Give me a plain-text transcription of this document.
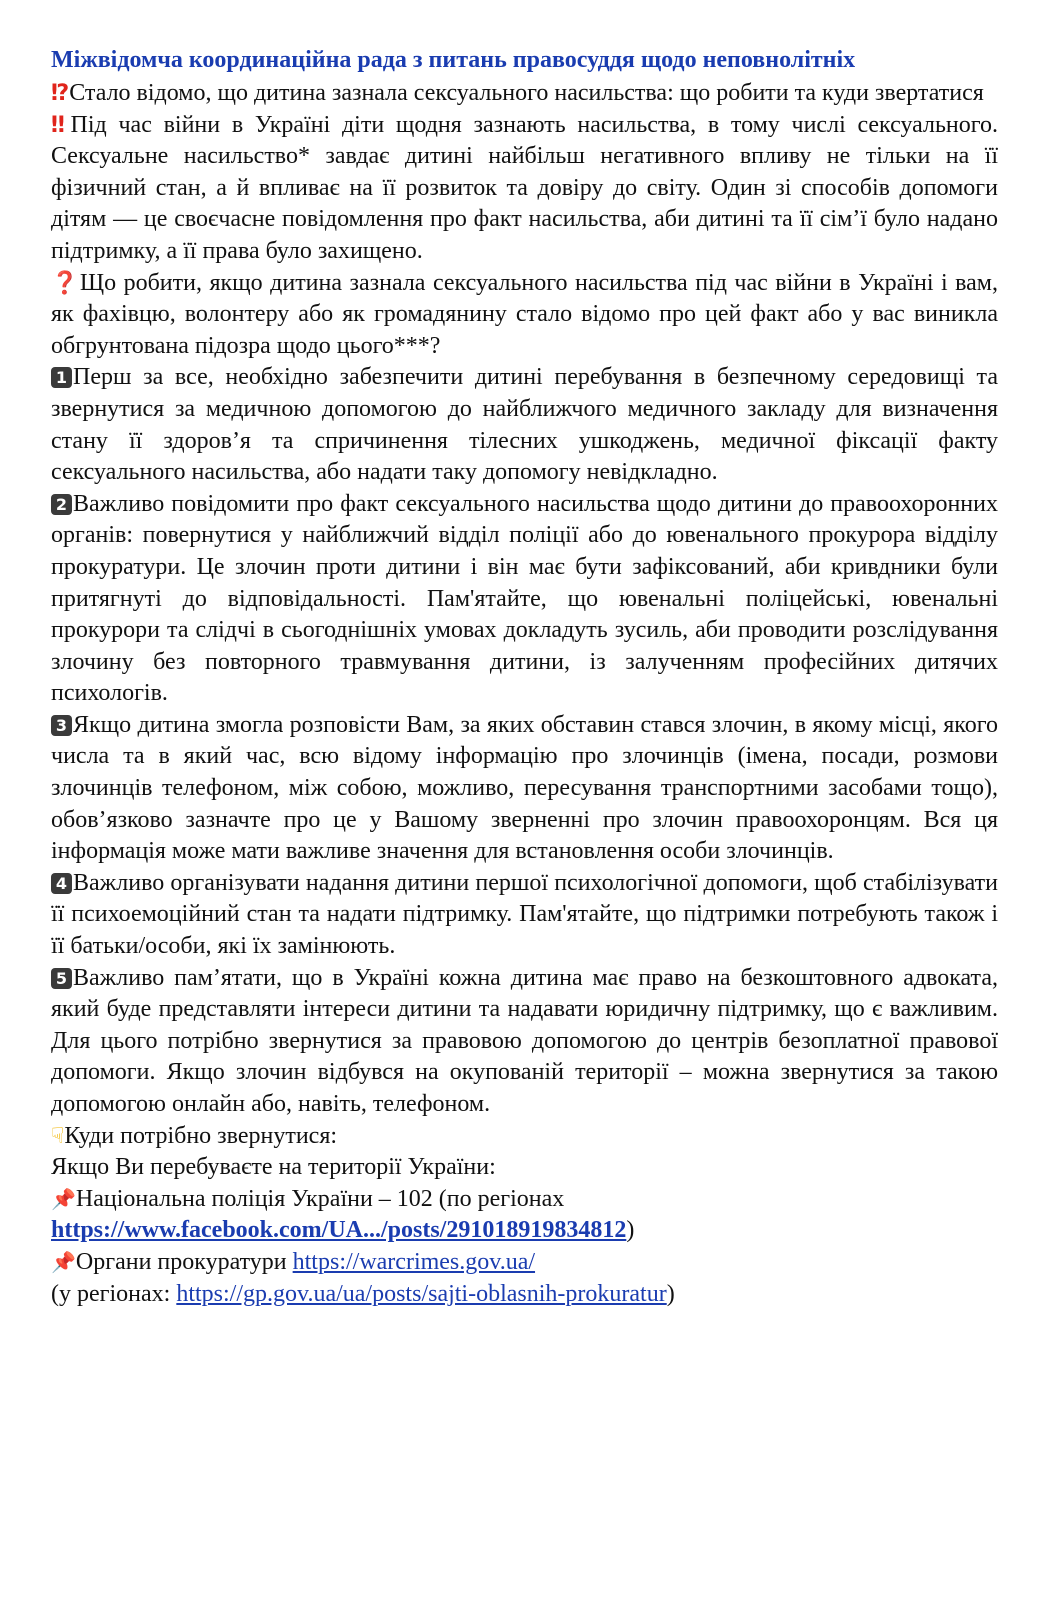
Міжвідомча координаційна рада з питань правосуддя щодо неповнолітніх

⁉Стало відомо, що дитина зазнала сексуального насильства: що робити та куди звертатися

‼Під час війни в Україні діти щодня зазнають насильства, в тому числі сексуального. Сексуальне насильство* завдає дитині найбільш негативного впливу не тільки на її фізичний стан, а й впливає на її розвиток та довіру до світу. Один зі способів допомоги дітям — це своєчасне повідомлення про факт насильства, аби дитині та її сім’ї було надано підтримку, а її права було захищено.

❓Що робити, якщо дитина зазнала сексуального насильства під час війни в Україні і вам, як фахівцю, волонтеру або як громадянину стало відомо про цей факт або у вас виникла обгрунтована підозра щодо цього***?

1 Перш за все, необхідно забезпечити дитині перебування в безпечному середовищі та звернутися за медичною допомогою до найближчого медичного закладу для визначення стану її здоров’я та спричинення тілесних ушкоджень, медичної фіксації факту сексуального насильства, або надати таку допомогу невідкладно.

2 Важливо повідомити про факт сексуального насильства щодо дитини до правоохоронних органів: повернутися у найближчий відділ поліції або до ювенального прокурора відділу прокуратури. Це злочин проти дитини і він має бути зафіксований, аби кривдники були притягнуті до відповідальності. Пам'ятайте, що ювенальні поліцейські, ювенальні прокурори та слідчі в сьогоднішніх умовах докладуть зусиль, аби проводити розслідування злочину без повторного травмування дитини, із залученням професійних дитячих психологів.

3 Якщо дитина змогла розповісти Вам, за яких обставин стався злочин, в якому місці, якого числа та в який час, всю відому інформацію про злочинців (імена, посади, розмови злочинців телефоном, між собою, можливо, пересування транспортними засобами тощо), обов’язково зазначте про це у Вашому зверненні про злочин правоохоронцям. Вся ця інформація може мати важливе значення для встановлення особи злочинців.

4 Важливо організувати надання дитини першої психологічної допомоги, щоб стабілізувати її психоемоційний стан та надати підтримку. Пам'ятайте, що підтримки потребують також і її батьки/особи, які їх замінюють.

5 Важливо пам’ятати, що в Україні кожна дитина має право на безкоштовного адвоката, який буде представляти інтереси дитини та надавати юридичну підтримку, що є важливим. Для цього потрібно звернутися за правовою допомогою до центрів безоплатної правової допомоги. Якщо злочин відбувся на окупованій території – можна звернутися за такою допомогою онлайн або, навіть, телефоном.

☟Куди потрібно звернутися:

Якщо Ви перебуваєте на території України:

📌Національна поліція України – 102 (по регіонах
https://www.facebook.com/UA.../posts/291018919834812)

📌Органи прокуратури https://warcrimes.gov.ua/

(у регіонах: https://gp.gov.ua/ua/posts/sajti-oblasnih-prokuratur)
